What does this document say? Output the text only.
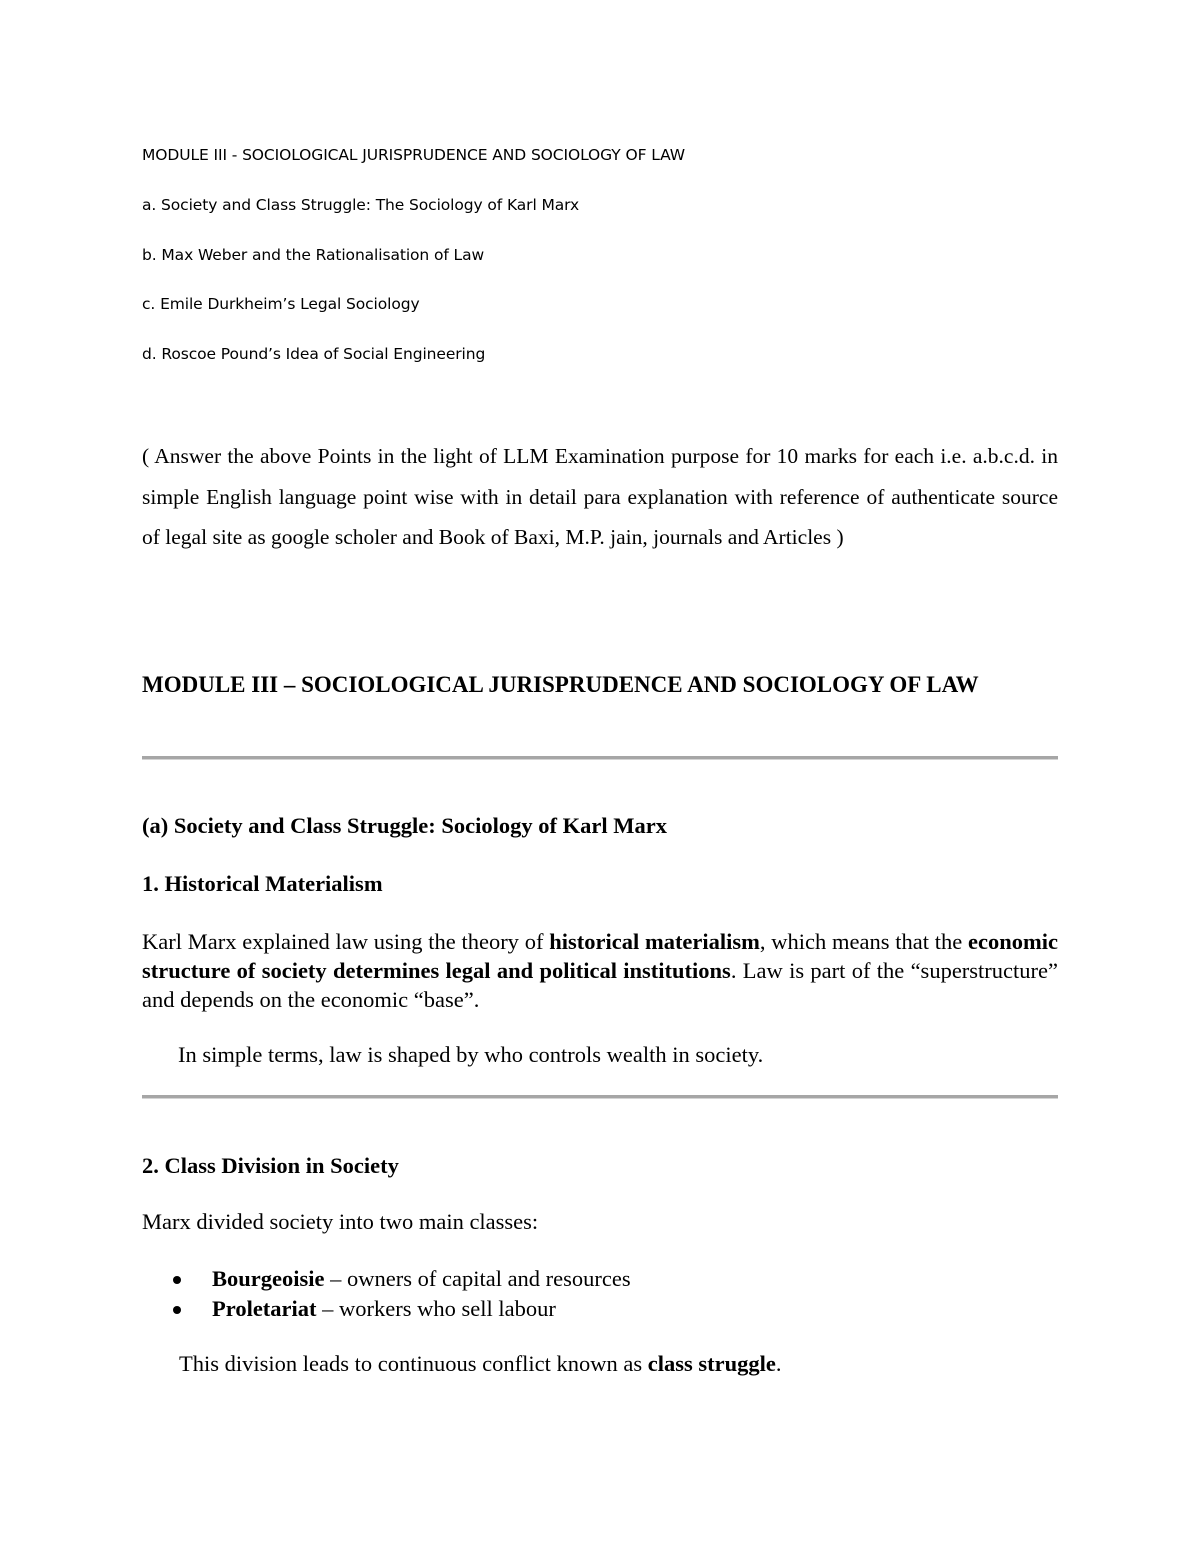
MODULE III - SOCIOLOGICAL JURISPRUDENCE AND SOCIOLOGY OF LAW
a. Society and Class Struggle: The Sociology of Karl Marx
b. Max Weber and the Rationalisation of Law
c. Emile Durkheim’s Legal Sociology
d. Roscoe Pound’s Idea of Social Engineering

( Answer the above Points in the light of LLM Examination purpose for 10 marks for each i.e. a.b.c.d. in simple English language point wise with in detail para explanation with reference of authenticate source of legal site as google scholer and Book of Baxi, M.P. jain, journals and Articles )

MODULE III – SOCIOLOGICAL JURISPRUDENCE AND SOCIOLOGY OF LAW
(a) Society and Class Struggle: Sociology of Karl Marx
1. Historical Materialism

Karl Marx explained law using the theory of historical materialism, which means that the economic structure of society determines legal and political institutions. Law is part of the “superstructure” and depends on the economic “base”.

In simple terms, law is shaped by who controls wealth in society.

2. Class Division in Society

Marx divided society into two main classes:

Bourgeoisie – owners of capital and resources
Proletariat – workers who sell labour

This division leads to continuous conflict known as class struggle.
